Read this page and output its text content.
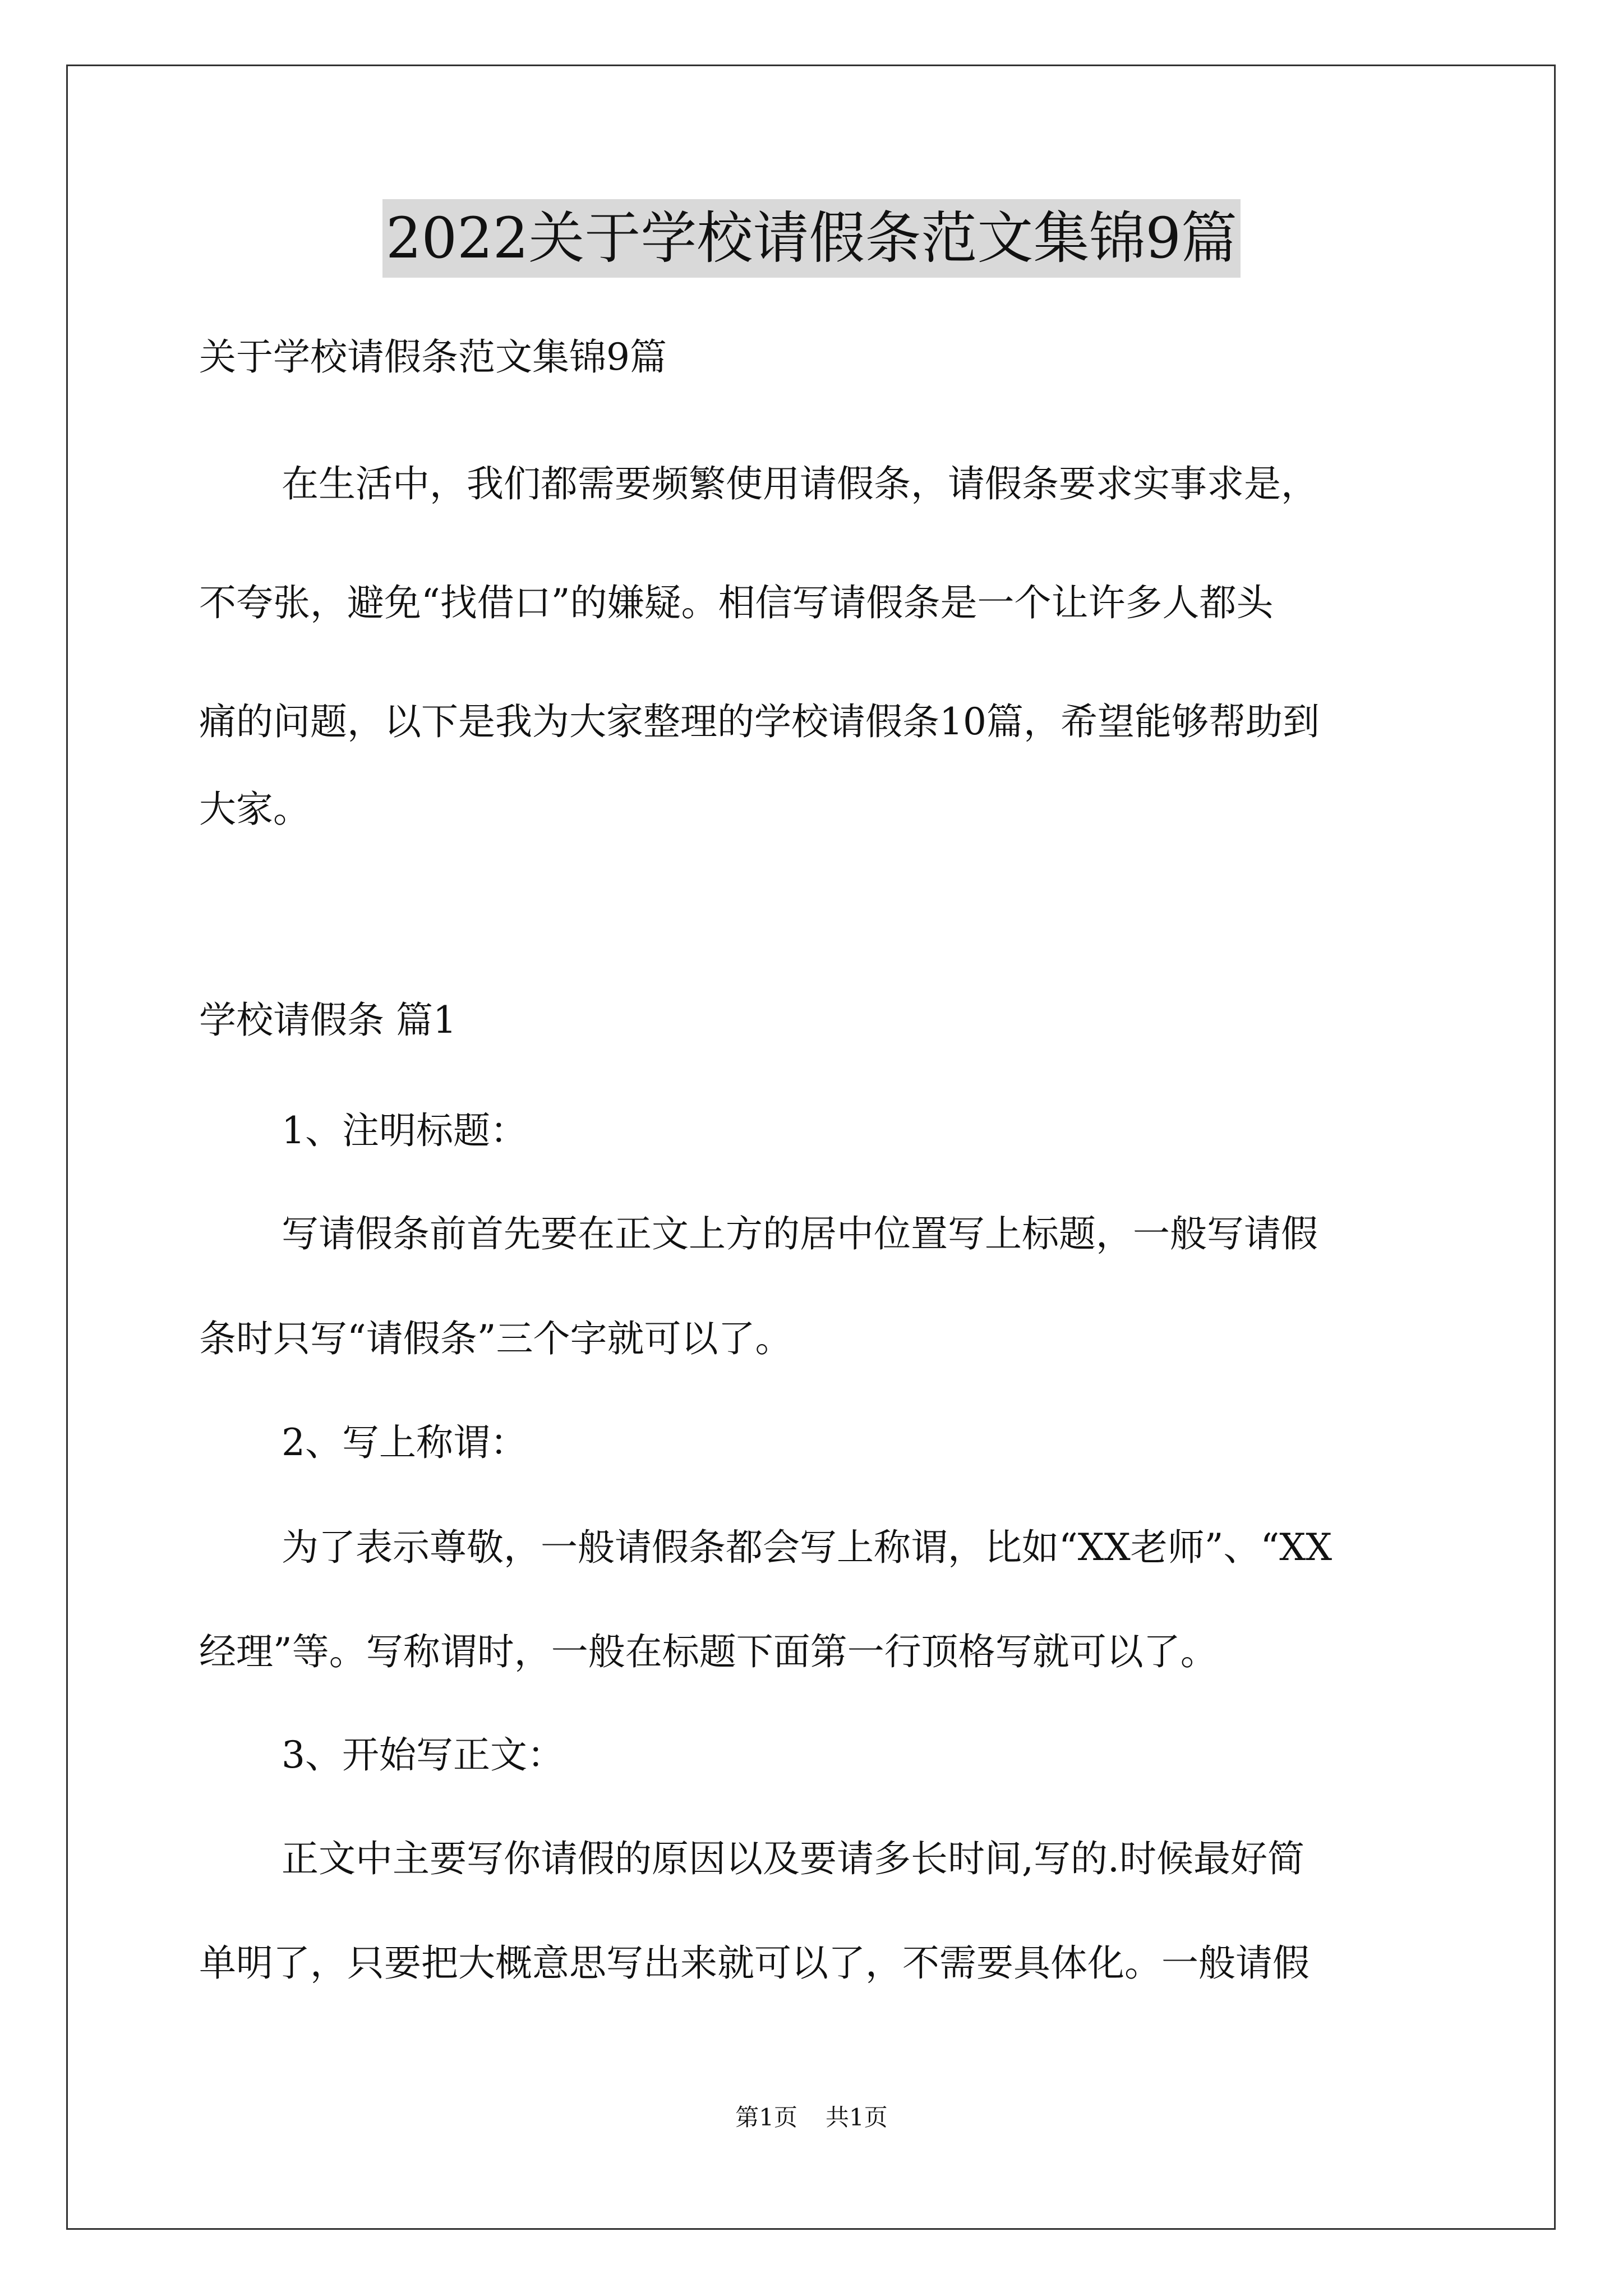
2022关于学校请假条范文集锦9篇
关于学校请假条范文集锦9篇
在生活中，我们都需要频繁使用请假条，请假条要求实事求是，
不夸张，避免“找借口”的嫌疑。相信写请假条是一个让许多人都头
痛的问题，以下是我为大家整理的学校请假条10篇，希望能够帮助到
大家。
学校请假条 篇1
1、注明标题：
写请假条前首先要在正文上方的居中位置写上标题，一般写请假
条时只写“请假条”三个字就可以了。
2、写上称谓：
为了表示尊敬，一般请假条都会写上称谓，比如“XX老师”、“XX
经理”等。写称谓时，一般在标题下面第一行顶格写就可以了。
3、开始写正文：
正文中主要写你请假的原因以及要请多长时间,写的.时候最好简
单明了，只要把大概意思写出来就可以了，不需要具体化。一般请假
第1页 共1页
